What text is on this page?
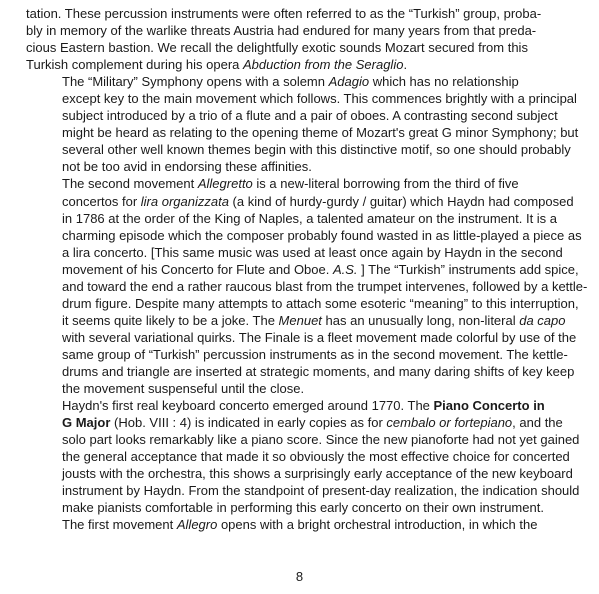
tation. These percussion instruments were often referred to as the “Turkish” group, proba-
bly in memory of the warlike threats Austria had endured for many years from that preda-
cious Eastern bastion. We recall the delightfully exotic sounds Mozart secured from this
Turkish complement during his opera Abduction from the Seraglio.

The “Military” Symphony opens with a solemn Adagio which has no relationship
except key to the main movement which follows. This commences brightly with a principal
subject introduced by a trio of a flute and a pair of oboes. A contrasting second subject
might be heard as relating to the opening theme of Mozart's great G minor Symphony; but
several other well known themes begin with this distinctive motif, so one should probably
not be too avid in endorsing these affinities.

The second movement Allegretto is a new-literal borrowing from the third of five
concertos for lira organizzata (a kind of hurdy-gurdy / guitar) which Haydn had composed
in 1786 at the order of the King of Naples, a talented amateur on the instrument. It is a
charming episode which the composer probably found wasted in as little-played a piece as
a lira concerto. [This same music was used at least once again by Haydn in the second
movement of his Concerto for Flute and Oboe. A.S. ] The “Turkish” instruments add spice,
and toward the end a rather raucous blast from the trumpet intervenes, followed by a kettle-
drum figure. Despite many attempts to attach some esoteric “meaning” to this interruption,
it seems quite likely to be a joke. The Menuet has an unusually long, non-literal da capo
with several variational quirks. The Finale is a fleet movement made colorful by use of the
same group of “Turkish” percussion instruments as in the second movement. The kettle-
drums and triangle are inserted at strategic moments, and many daring shifts of key keep
the movement suspenseful until the close.

Haydn's first real keyboard concerto emerged around 1770. The Piano Concerto in
G Major (Hob. VIII : 4) is indicated in early copies as for cembalo or fortepiano, and the
solo part looks remarkably like a piano score. Since the new pianoforte had not yet gained
the general acceptance that made it so obviously the most effective choice for concerted
jousts with the orchestra, this shows a surprisingly early acceptance of the new keyboard
instrument by Haydn. From the standpoint of present-day realization, the indication should
make pianists comfortable in performing this early concerto on their own instrument.

The first movement Allegro opens with a bright orchestral introduction, in which the

8
